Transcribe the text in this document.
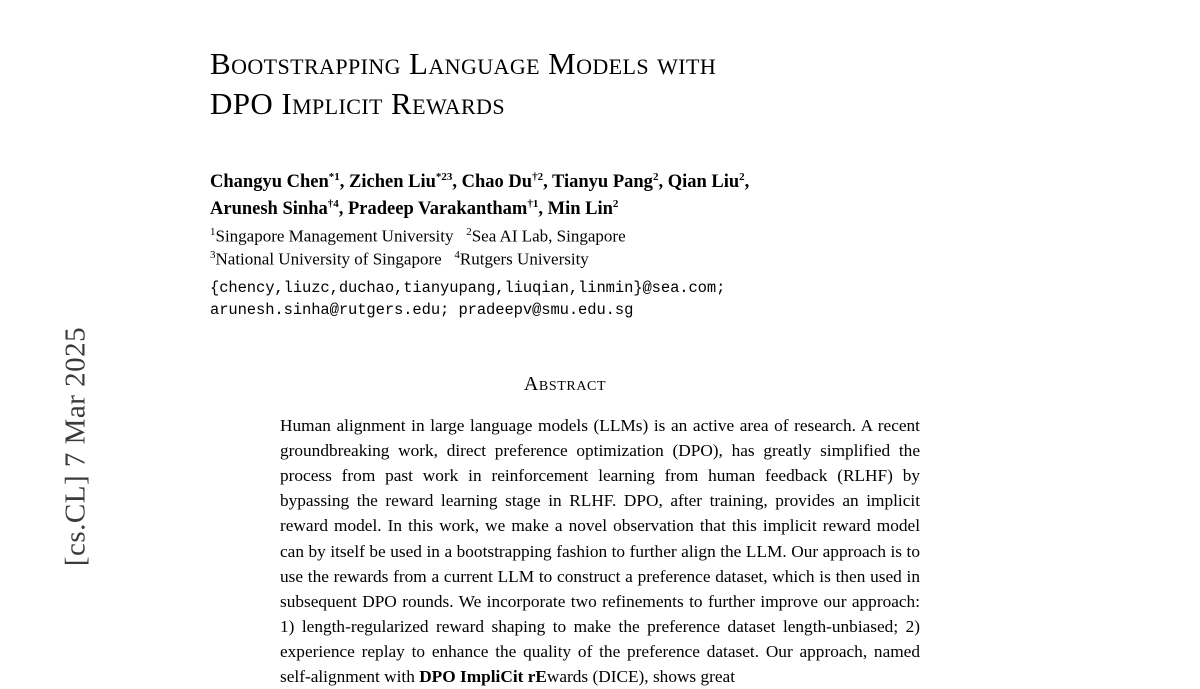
[cs.CL] 7 Mar 2025
Bootstrapping Language Models with
DPO Implicit Rewards
Changyu Chen$^{*1}$, Zichen Liu$^{*23}$, Chao Du$^{\dagger 2}$, Tianyu Pang$^2$, Qian Liu$^2$,
Arunesh Sinha$^{\dagger 4}$, Pradeep Varakantham$^{\dagger 1}$, Min Lin$^2$
$^1$Singapore Management University   $^2$Sea AI Lab, Singapore
$^3$National University of Singapore   $^4$Rutgers University
{chency,liuzc,duchao,tianyupang,liuqian,linmin}@sea.com;
arunesh.sinha@rutgers.edu; pradeepv@smu.edu.sg
Abstract
Human alignment in large language models (LLMs) is an active area of research. A recent groundbreaking work, direct preference optimization (DPO), has greatly simplified the process from past work in reinforcement learning from human feedback (RLHF) by bypassing the reward learning stage in RLHF. DPO, after training, provides an implicit reward model. In this work, we make a novel observation that this implicit reward model can by itself be used in a bootstrapping fashion to further align the LLM. Our approach is to use the rewards from a current LLM to construct a preference dataset, which is then used in subsequent DPO rounds. We incorporate two refinements to further improve our approach: 1) length-regularized reward shaping to make the preference dataset length-unbiased; 2) experience replay to enhance the quality of the preference dataset. Our approach, named self-alignment with DPO ImpliCit rEwards (DICE), shows great
